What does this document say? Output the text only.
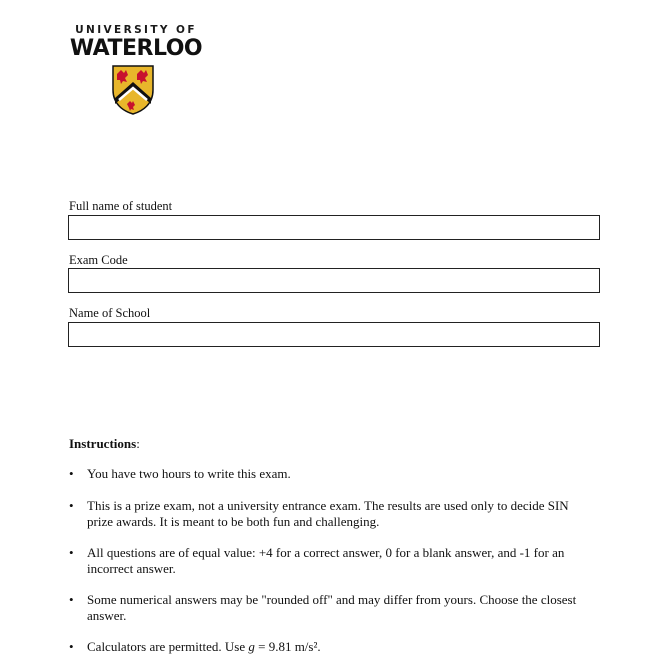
UNIVERSITY OF
WATERLOO
Full name of student
Exam Code
Name of School
Instructions:
• You have two hours to write this exam.
• This is a prize exam, not a university entrance exam. The results are used only to decide SIN prize awards. It is meant to be both fun and challenging.
• All questions are of equal value: +4 for a correct answer, 0 for a blank answer, and -1 for an incorrect answer.
• Some numerical answers may be "rounded off" and may differ from yours. Choose the closest answer.
• Calculators are permitted. Use g = 9.81 m/s².
